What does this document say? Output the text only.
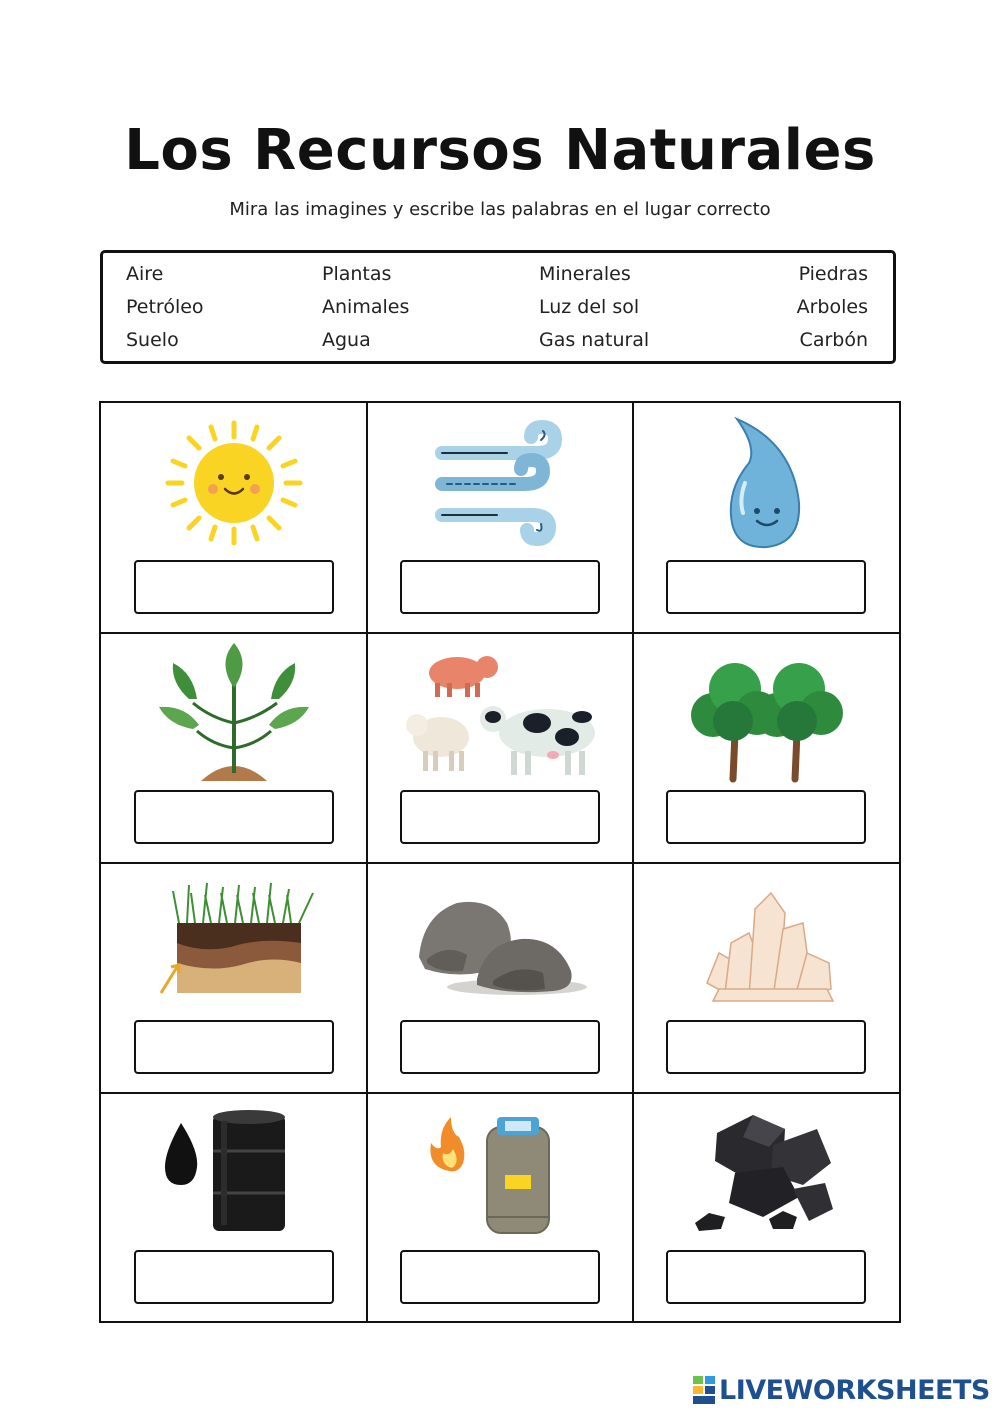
Los Recursos Naturales
Mira las imagines y escribe las palabras en el lugar correcto
Aire	Plantas	Minerales	Piedras
Petróleo	Animales	Luz del sol	Arboles
Suelo	Agua	Gas natural	Carbón
LIVEWORKSHEETS
